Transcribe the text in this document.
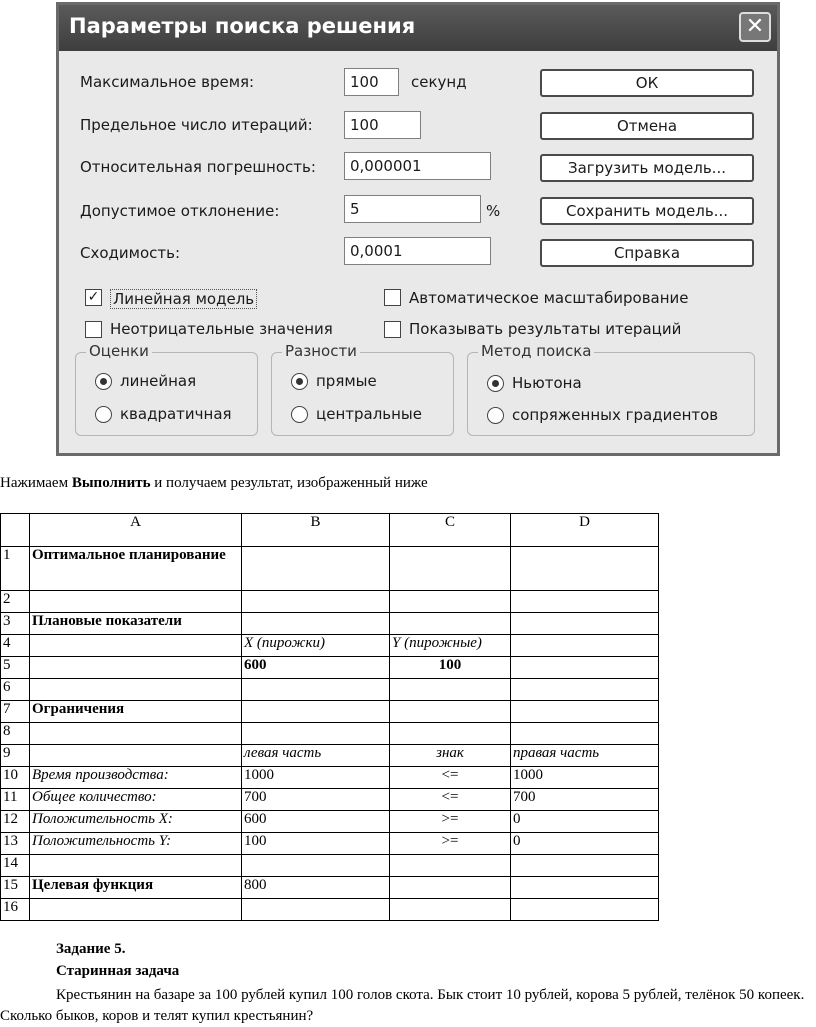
Параметры поиска решения	✕
Максимальное время:	100	секунд
Предельное число итераций:	100
Относительная погрешность:	0,000001
Допустимое отклонение:	5	%
Сходимость:	0,0001
ОК
Отмена
Загрузить модель...
Сохранить модель...
Справка
✓ Линейная модель
Неотрицательные значения
Автоматическое масштабирование
Показывать результаты итераций
Оценки
линейная
квадратичная
Разности
прямые
центральные
Метод поиска
Ньютона
сопряженных градиентов
Нажимаем Выполнить и получаем результат, изображенный ниже
	A	B	C	D
1	Оптимальное планирование			
2				
3	Плановые показатели			
4		X (пирожки)	Y (пирожные)	
5		600	100	
6				
7	Ограничения			
8				
9		левая часть	знак	правая часть
10	Время производства:	1000	<=	1000
11	Общее количество:	700	<=	700
12	Положительность X:	600	>=	0
13	Положительность Y:	100	>=	0
14				
15	Целевая функция	800		
16				
Задание 5.
Старинная задача
Крестьянин на базаре за 100 рублей купил 100 голов скота. Бык стоит 10 рублей, корова 5 рублей, телёнок 50 копеек. Сколько быков, коров и телят купил крестьянин?
